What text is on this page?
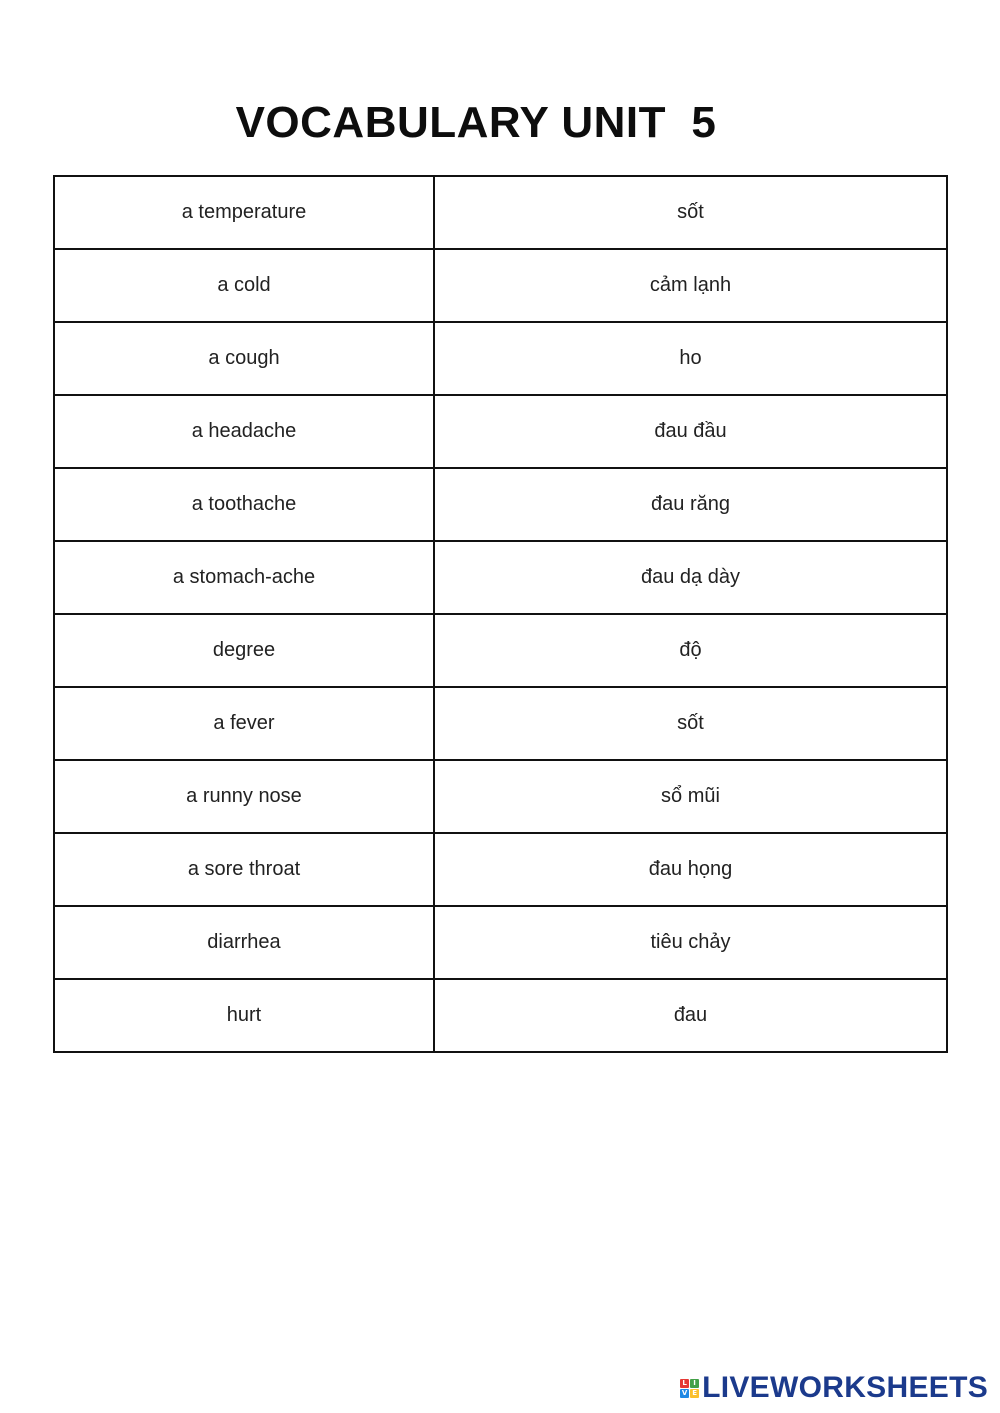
VOCABULARY UNIT  5
a temperature	sốt
a cold	cảm lạnh
a cough	ho
a headache	đau đầu
a toothache	đau răng
a stomach-ache	đau dạ dày
degree	độ
a fever	sốt
a runny nose	sổ mũi
a sore throat	đau họng
diarrhea	tiêu chảy
hurt	đau
L I
V E LIVEWORKSHEETS
